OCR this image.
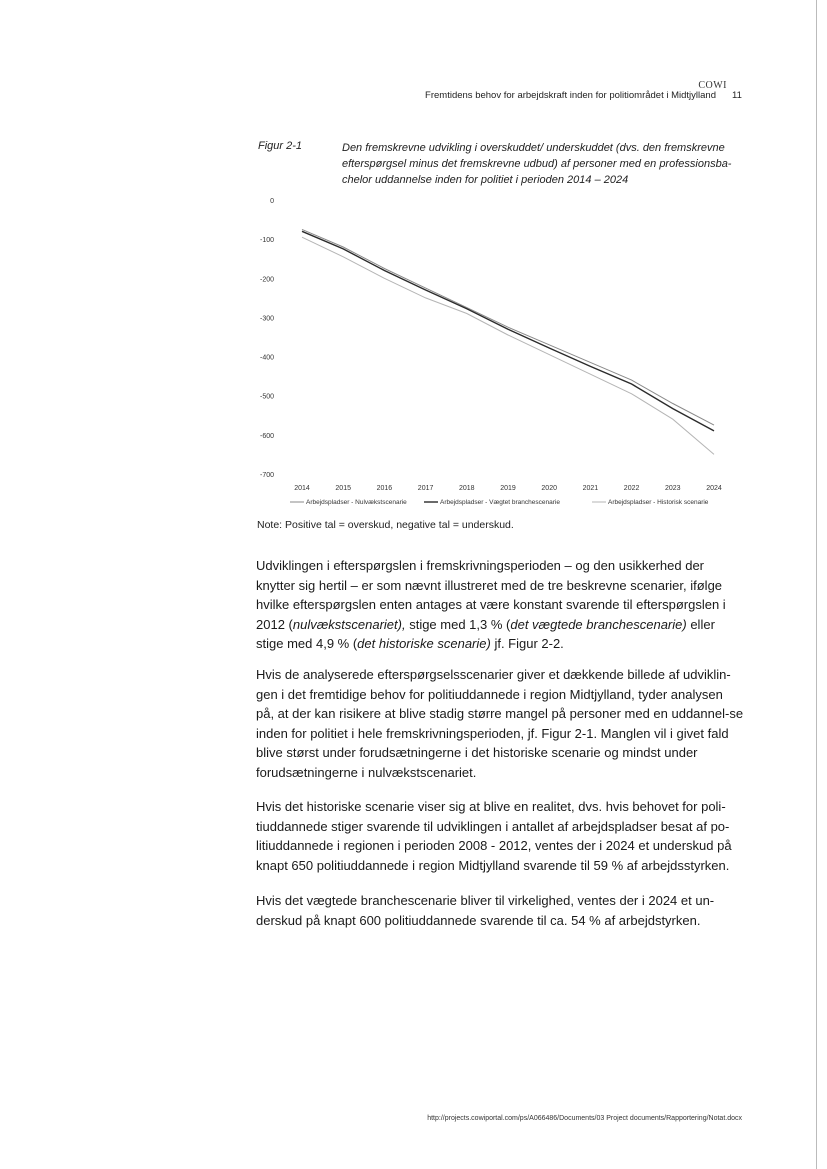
COWI
Fremtidens behov for arbejdskraft inden for politiområdet i Midtjylland 11
Figur 2-1	Den fremskrevne udvikling i overskuddet/ underskuddet (dvs. den fremskrevne efterspørgsel minus det fremskrevne udbud) af personer med en professionsba-chelor uddannelse inden for politiet i perioden 2014 – 2024
0
-100
-200
-300
-400
-500
-600
-700
2014	2015	2016	2017	2018	2019	2020	2021	2022	2023	2024
Arbejdspladser - Nulvækstscenarie	Arbejdspladser - Vægtet branchescenarie	Arbejdspladser - Historisk scenarie
Note: Positive tal = overskud, negative tal = underskud.

Udviklingen i efterspørgslen i fremskrivningsperioden – og den usikkerhed der knytter sig hertil – er som nævnt illustreret med de tre beskrevne scenarier, ifølge hvilke efterspørgslen enten antages at være konstant svarende til efterspørgslen i 2012 (nulvækstscenariet), stige med 1,3 % (det vægtede branchescenarie) eller stige med 4,9 % (det historiske scenarie) jf. Figur 2-2.

Hvis de analyserede efterspørgselsscenarier giver et dækkende billede af udviklin-gen i det fremtidige behov for politiuddannede i region Midtjylland, tyder analysen på, at der kan risikere at blive stadig større mangel på personer med en uddannel-se inden for politiet i hele fremskrivningsperioden, jf. Figur 2-1. Manglen vil i givet fald blive størst under forudsætningerne i det historiske scenarie og mindst under forudsætningerne i nulvækstscenariet.

Hvis det historiske scenarie viser sig at blive en realitet, dvs. hvis behovet for poli-tiuddannede stiger svarende til udviklingen i antallet af arbejdspladser besat af po-litiuddannede i regionen i perioden 2008 - 2012, ventes der i 2024 et underskud på knapt 650 politiuddannede i region Midtjylland svarende til 59 % af arbejdsstyrken.

Hvis det vægtede branchescenarie bliver til virkelighed, ventes der i 2024 et un-derskud på knapt 600 politiuddannede svarende til ca. 54 % af arbejdstyrken.

http://projects.cowiportal.com/ps/A066486/Documents/03 Project documents/Rapportering/Notat.docx
